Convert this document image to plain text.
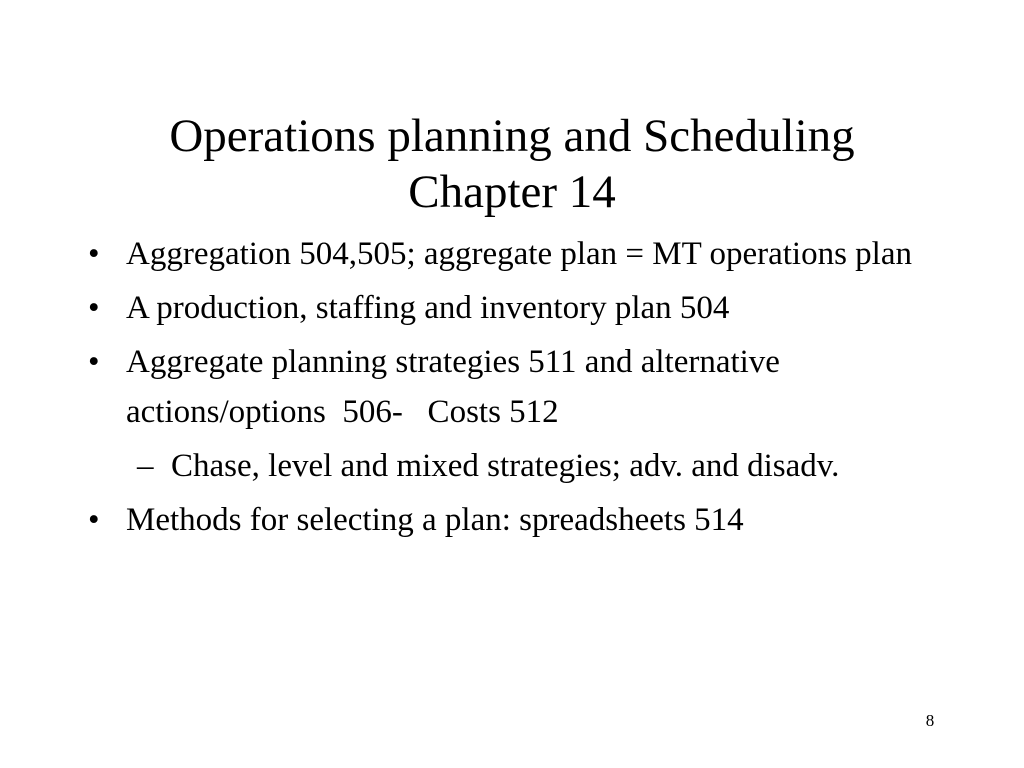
Operations planning and Scheduling
Chapter 14
• Aggregation 504,505; aggregate plan = MT operations plan
• A production, staffing and inventory plan 504
• Aggregate planning strategies 511 and alternative actions/options  506-   Costs 512
– Chase, level and mixed strategies; adv. and disadv.
• Methods for selecting a plan: spreadsheets 514
8
